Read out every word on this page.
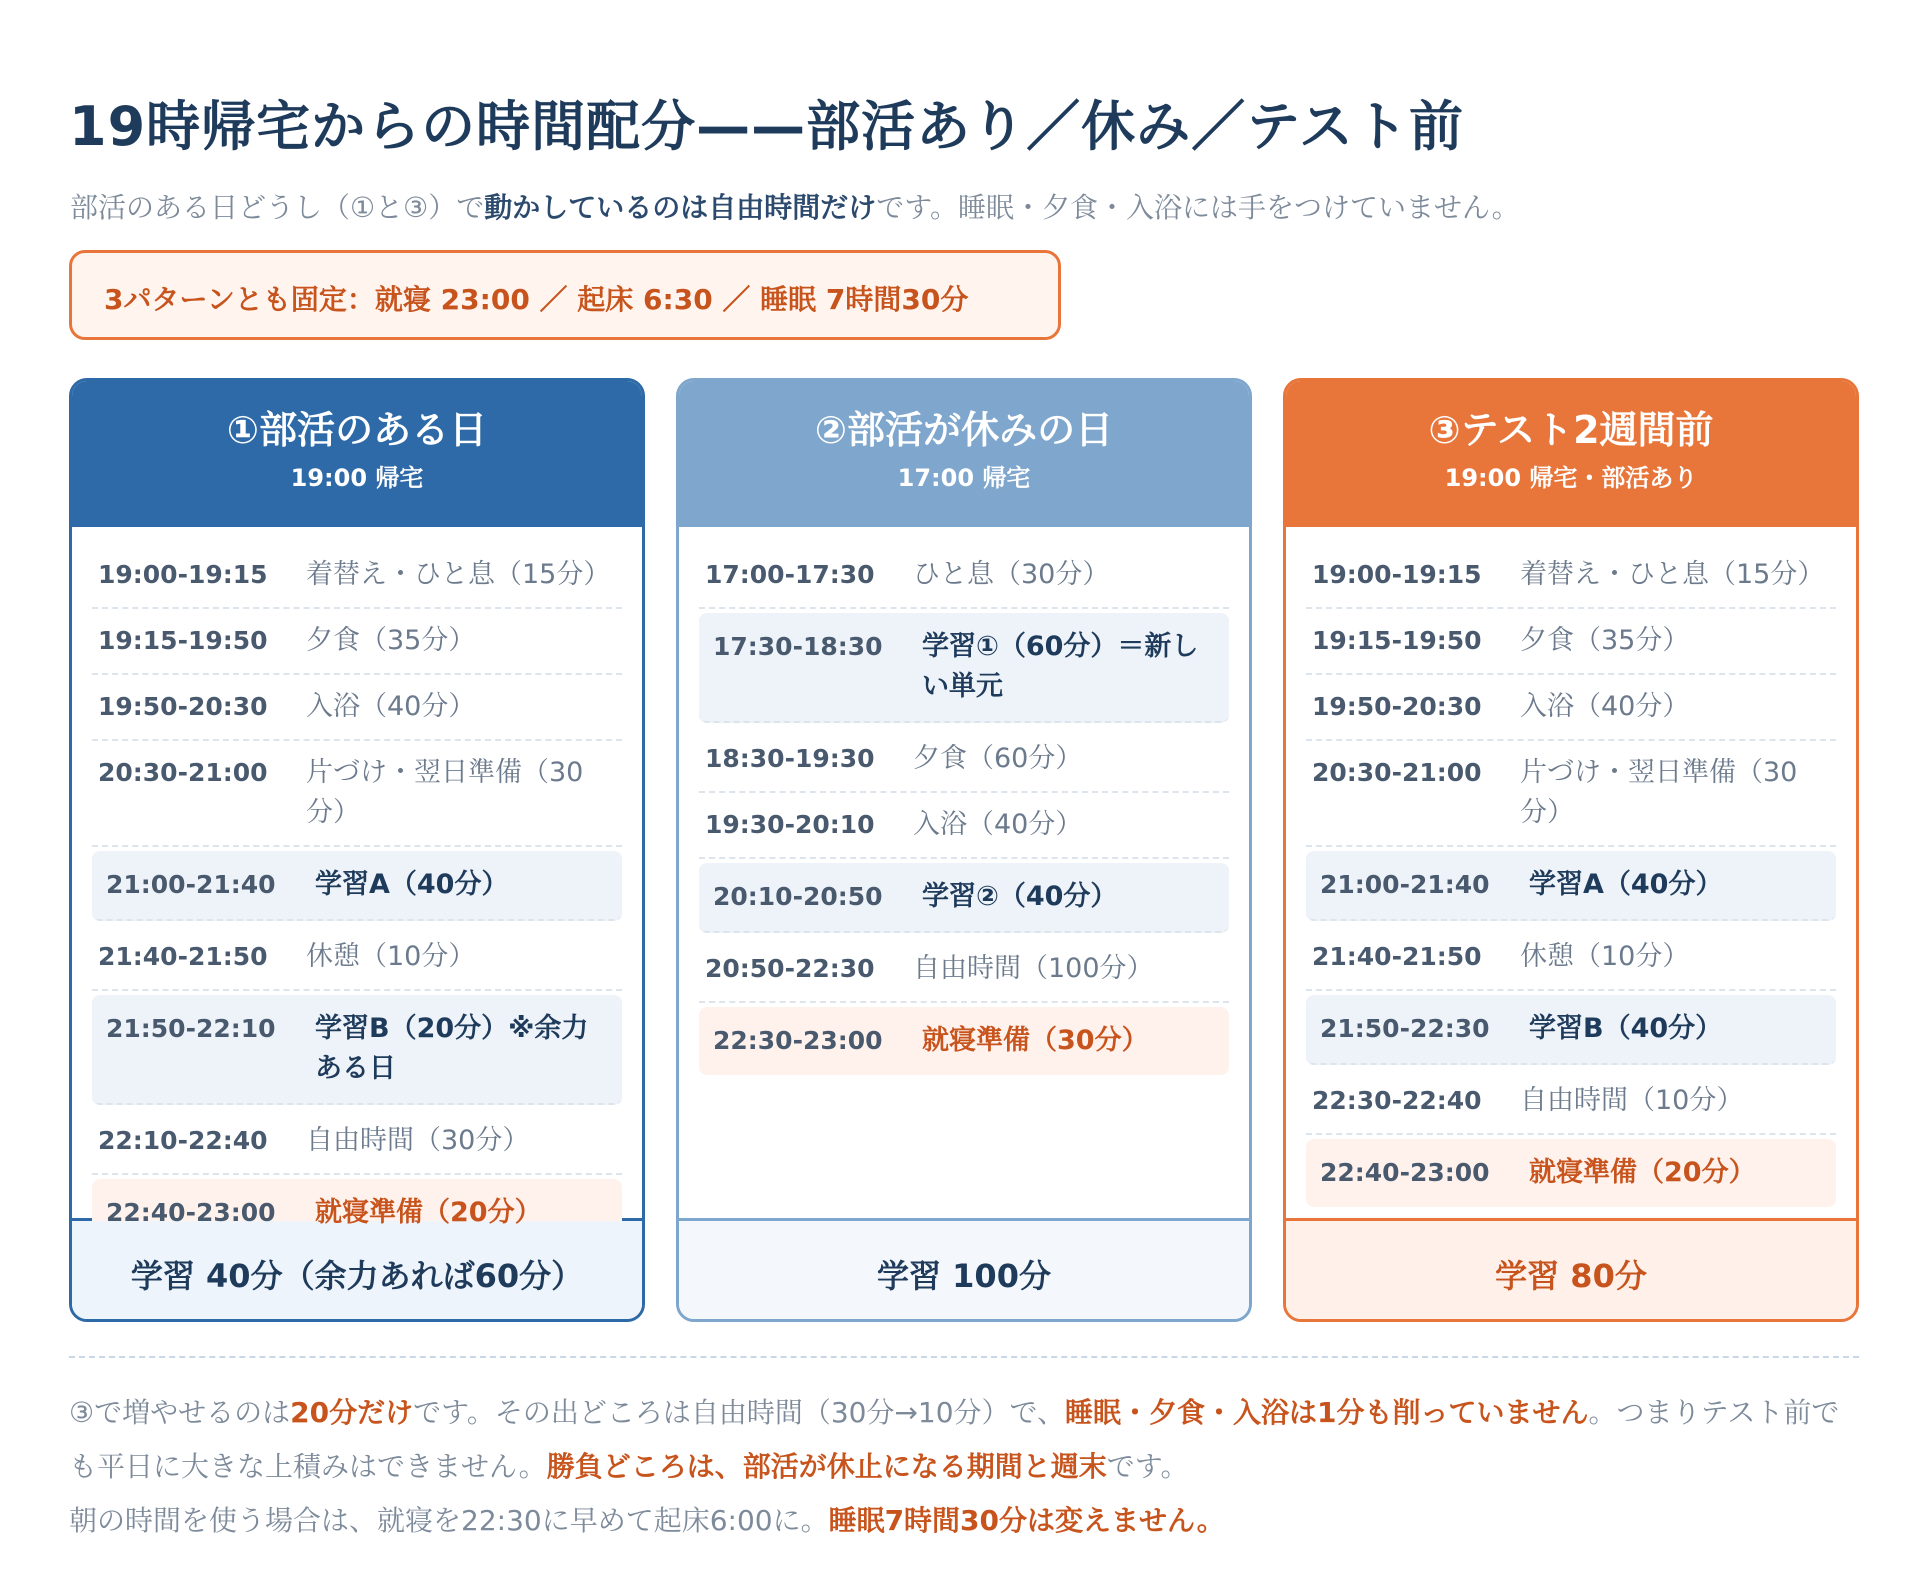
19時帰宅からの時間配分——部活あり／休み／テスト前

部活のある日どうし（①と③）で動かしているのは自由時間だけです。睡眠・夕食・入浴には手をつけていません。

3パターンとも固定：就寝 23:00 ／ 起床 6:30 ／ 睡眠 7時間30分
①部活のある日
19:00 帰宅
19:00-19:15	着替え・ひと息（15分）
19:15-19:50	夕食（35分）
19:50-20:30	入浴（40分）
20:30-21:00	片づけ・翌日準備（30分）
21:00-21:40	学習A（40分）
21:40-21:50	休憩（10分）
21:50-22:10	学習B（20分）※余力ある日
22:10-22:40	自由時間（30分）
22:40-23:00	就寝準備（20分）
学習 40分（余力あれば60分）
②部活が休みの日
17:00 帰宅
17:00-17:30	ひと息（30分）
17:30-18:30	学習①（60分）＝新しい単元
18:30-19:30	夕食（60分）
19:30-20:10	入浴（40分）
20:10-20:50	学習②（40分）
20:50-22:30	自由時間（100分）
22:30-23:00	就寝準備（30分）
学習 100分
③テスト2週間前
19:00 帰宅・部活あり
19:00-19:15	着替え・ひと息（15分）
19:15-19:50	夕食（35分）
19:50-20:30	入浴（40分）
20:30-21:00	片づけ・翌日準備（30分）
21:00-21:40	学習A（40分）
21:40-21:50	休憩（10分）
21:50-22:30	学習B（40分）
22:30-22:40	自由時間（10分）
22:40-23:00	就寝準備（20分）
学習 80分
③で増やせるのは20分だけです。その出どころは自由時間（30分→10分）で、睡眠・夕食・入浴は1分も削っていません。つまりテスト前でも平日に大きな上積みはできません。勝負どころは、部活が休止になる期間と週末です。
朝の時間を使う場合は、就寝を22:30に早めて起床6:00に。睡眠7時間30分は変えません。
